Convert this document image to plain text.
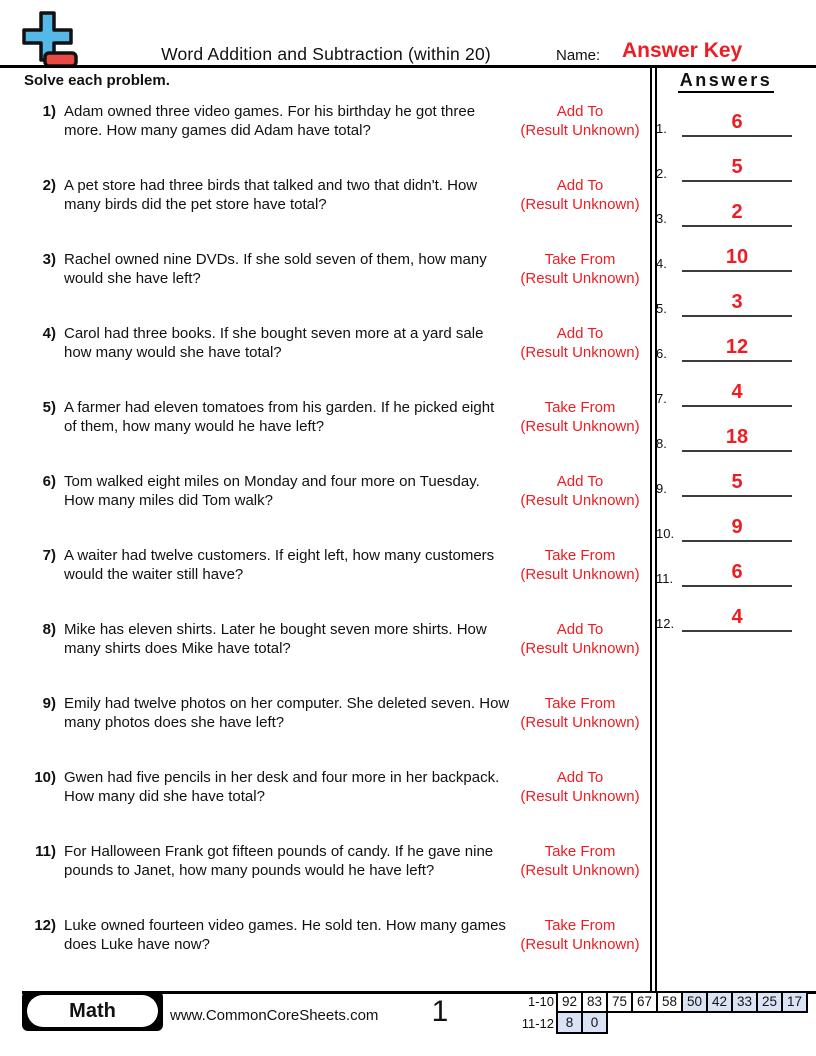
Word Addition and Subtraction (within 20)	Name: Answer Key
Solve each problem.
1) Adam owned three video games. For his birthday he got three more. How many games did Adam have total?
Add To
(Result Unknown)
2) A pet store had three birds that talked and two that didn't. How many birds did the pet store have total?
Add To
(Result Unknown)
3) Rachel owned nine DVDs. If she sold seven of them, how many would she have left?
Take From
(Result Unknown)
4) Carol had three books. If she bought seven more at a yard sale how many would she have total?
Add To
(Result Unknown)
5) A farmer had eleven tomatoes from his garden. If he picked eight of them, how many would he have left?
Take From
(Result Unknown)
6) Tom walked eight miles on Monday and four more on Tuesday. How many miles did Tom walk?
Add To
(Result Unknown)
7) A waiter had twelve customers. If eight left, how many customers would the waiter still have?
Take From
(Result Unknown)
8) Mike has eleven shirts. Later he bought seven more shirts. How many shirts does Mike have total?
Add To
(Result Unknown)
9) Emily had twelve photos on her computer. She deleted seven. How many photos does she have left?
Take From
(Result Unknown)
10) Gwen had five pencils in her desk and four more in her backpack. How many did she have total?
Add To
(Result Unknown)
11) For Halloween Frank got fifteen pounds of candy. If he gave nine pounds to Janet, how many pounds would he have left?
Take From
(Result Unknown)
12) Luke owned fourteen video games. He sold ten. How many games does Luke have now?
Take From
(Result Unknown)
Answers
1.	6
2.	5
3.	2
4.	10
5.	3
6.	12
7.	4
8.	18
9.	5
10.	9
11.	6
12.	4
Math	www.CommonCoreSheets.com	1	1-10 92 83 75 67 58 50 42 33 25 17
11-12 8	0
